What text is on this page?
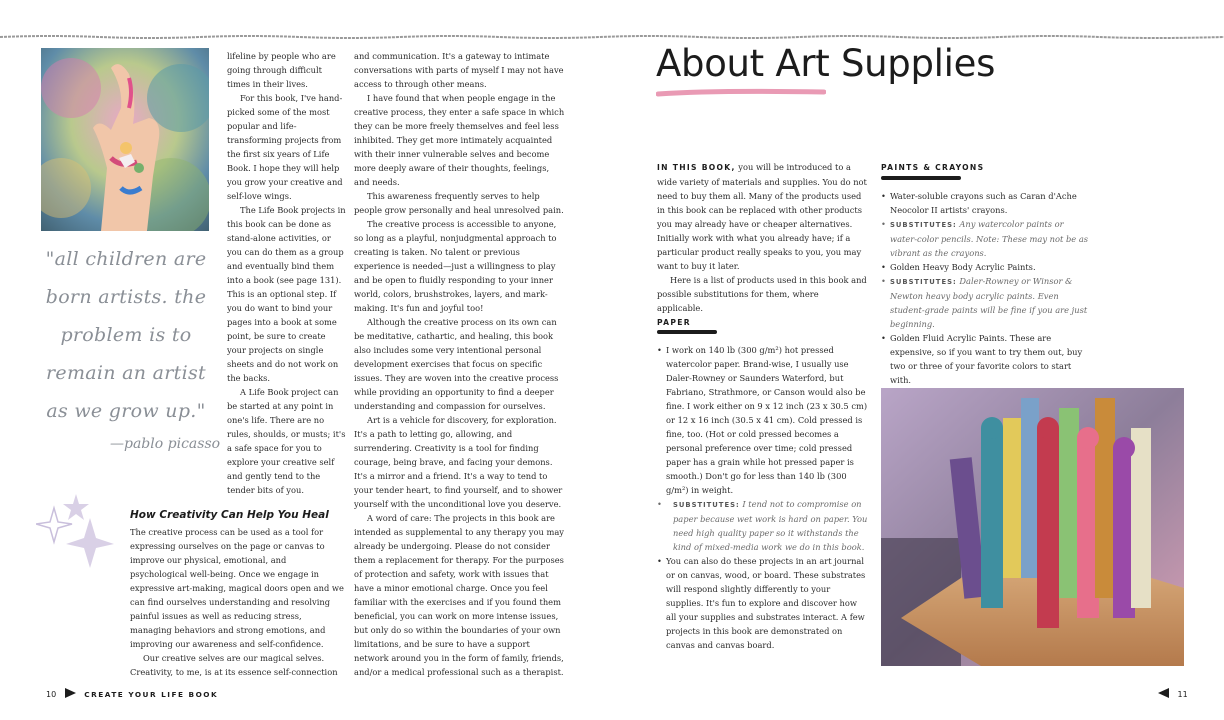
lifeline by people who are going through difficult times in their lives.

For this book, I've hand-picked some of the most popular and life-transforming projects from the first six years of Life Book. I hope they will help you grow your creative and self-love wings.

The Life Book projects in this book can be done as stand-alone activities, or you can do them as a group and eventually bind them into a book (see page 131). This is an optional step. If you do want to bind your pages into a book at some point, be sure to create your projects on single sheets and do not work on the backs.

A Life Book project can be started at any point in one's life. There are no rules, shoulds, or musts; it's a safe space for you to explore your creative self and gently tend to the tender bits of you.

"all children are born artists. the problem is to remain an artist as we grow up."
—pablo picasso
How Creativity Can Help You Heal

The creative process can be used as a tool for expressing ourselves on the page or canvas to improve our physical, emotional, and psychological well-being. Once we engage in expressive art-making, magical doors open and we can find ourselves understanding and resolving painful issues as well as reducing stress, managing behaviors and strong emotions, and improving our awareness and self-confidence.

Our creative selves are our magical selves. Creativity, to me, is at its essence self-connection

and communication. It's a gateway to intimate conversations with parts of myself I may not have access to through other means.

I have found that when people engage in the creative process, they enter a safe space in which they can be more freely themselves and feel less inhibited. They get more intimately acquainted with their inner vulnerable selves and become more deeply aware of their thoughts, feelings, and needs.

This awareness frequently serves to help people grow personally and heal unresolved pain.

The creative process is accessible to anyone, so long as a playful, nonjudgmental approach to creating is taken. No talent or previous experience is needed—just a willingness to play and be open to fluidly responding to your inner world, colors, brushstrokes, layers, and mark-making. It's fun and joyful too!

Although the creative process on its own can be meditative, cathartic, and healing, this book also includes some very intentional personal development exercises that focus on specific issues. They are woven into the creative process while providing an opportunity to find a deeper understanding and compassion for ourselves.

Art is a vehicle for discovery, for exploration. It's a path to letting go, allowing, and surrendering. Creativity is a tool for finding courage, being brave, and facing your demons. It's a mirror and a friend. It's a way to tend to your tender heart, to find yourself, and to shower yourself with the unconditional love you deserve.

A word of care: The projects in this book are intended as supplemental to any therapy you may already be undergoing. Please do not consider them a replacement for therapy. For the purposes of protection and safety, work with issues that have a minor emotional charge. Once you feel familiar with the exercises and if you found them beneficial, you can work on more intense issues, but only do so within the boundaries of your own limitations, and be sure to have a support network around you in the form of family, friends, and/or a medical professional such as a therapist.

10	CREATE YOUR LIFE BOOK
About Art Supplies

IN THIS BOOK, you will be introduced to a wide variety of materials and supplies. You do not need to buy them all. Many of the products used in this book can be replaced with other products you may already have or cheaper alternatives. Initially work with what you already have; if a particular product really speaks to you, you may want to buy it later.

Here is a list of products used in this book and possible substitutions for them, where applicable.

PAPER
• I work on 140 lb (300 g/m²) hot pressed watercolor paper. Brand-wise, I usually use Daler-Rowney or Saunders Waterford, but Fabriano, Strathmore, or Canson would also be fine. I work either on 9 x 12 inch (23 x 30.5 cm) or 12 x 16 inch (30.5 x 41 cm). Cold pressed is fine, too. (Hot or cold pressed becomes a personal preference over time; cold pressed paper has a grain while hot pressed paper is smooth.) Don't go for less than 140 lb (300 g/m²) in weight.
• SUBSTITUTES: I tend not to compromise on paper because wet work is hard on paper. You need high quality paper so it withstands the kind of mixed-media work we do in this book.
• You can also do these projects in an art journal or on canvas, wood, or board. These substrates will respond slightly differently to your supplies. It's fun to explore and discover how all your supplies and substrates interact. A few projects in this book are demonstrated on canvas and canvas board.
PAINTS & CRAYONS
• Water-soluble crayons such as Caran d'Ache Neocolor II artists' crayons.
• SUBSTITUTES: Any watercolor paints or water-color pencils. Note: These may not be as vibrant as the crayons.
• Golden Heavy Body Acrylic Paints.
• SUBSTITUTES: Daler-Rowney or Winsor & Newton heavy body acrylic paints. Even student-grade paints will be fine if you are just beginning.
• Golden Fluid Acrylic Paints. These are expensive, so if you want to try them out, buy two or three of your favorite colors to start with.
11
